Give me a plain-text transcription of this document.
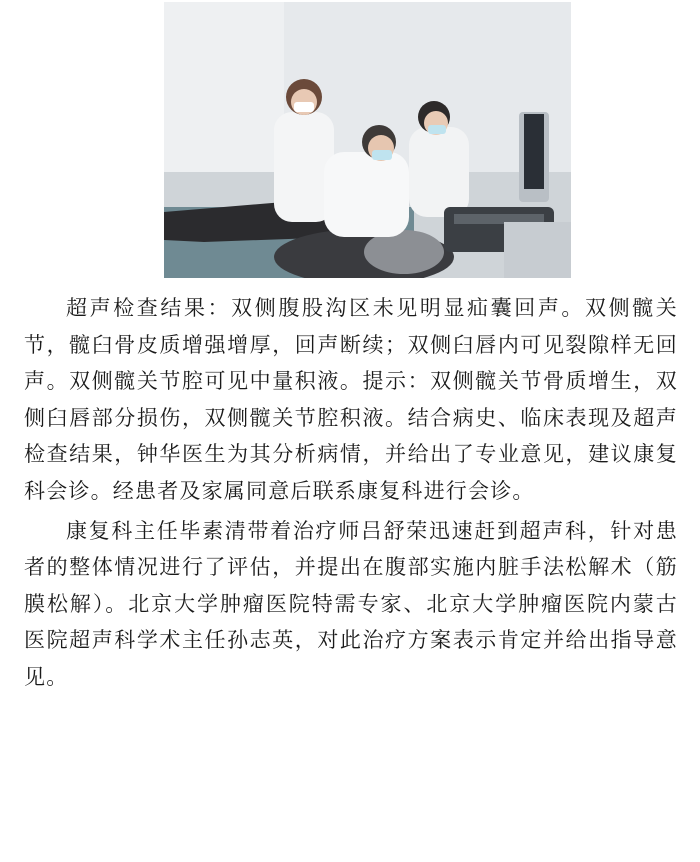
超声检查结果：双侧腹股沟区未见明显疝囊回声。双侧髋关节，髋臼骨皮质增强增厚，回声断续；双侧臼唇内可见裂隙样无回声。双侧髋关节腔可见中量积液。提示：双侧髋关节骨质增生，双侧臼唇部分损伤，双侧髋关节腔积液。结合病史、临床表现及超声检查结果，钟华医生为其分析病情，并给出了专业意见，建议康复科会诊。经患者及家属同意后联系康复科进行会诊。

康复科主任毕素清带着治疗师吕舒荣迅速赶到超声科，针对患者的整体情况进行了评估，并提出在腹部实施内脏手法松解术（筋膜松解）。北京大学肿瘤医院特需专家、北京大学肿瘤医院内蒙古医院超声科学术主任孙志英，对此治疗方案表示肯定并给出指导意见。
